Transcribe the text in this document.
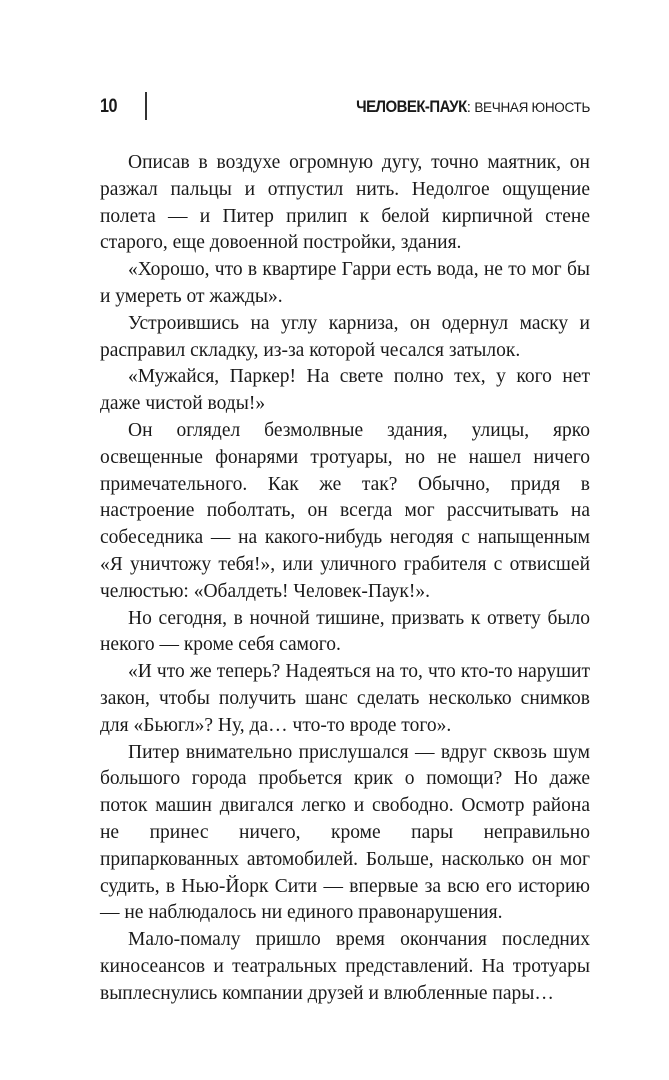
10	ЧЕЛОВЕК-ПАУК: ВЕЧНАЯ ЮНОСТЬ

Описав в воздухе огромную дугу, точно маятник, он разжал пальцы и отпустил нить. Недолгое ощущение полета — и Питер прилип к белой кирпичной стене старого, еще довоенной постройки, здания.

«Хорошо, что в квартире Гарри есть вода, не то мог бы и умереть от жажды».

Устроившись на углу карниза, он одернул маску и расправил складку, из-за которой чесался затылок.

«Мужайся, Паркер! На свете полно тех, у кого нет даже чистой воды!»

Он оглядел безмолвные здания, улицы, ярко освещенные фонарями тротуары, но не нашел ничего примечательного. Как же так? Обычно, придя в настроение поболтать, он всегда мог рассчитывать на собеседника — на какого-нибудь негодяя с напыщенным «Я уничтожу тебя!», или уличного грабителя с отвисшей челюстью: «Обалдеть! Человек-Паук!».

Но сегодня, в ночной тишине, призвать к ответу было некого — кроме себя самого.

«И что же теперь? Надеяться на то, что кто-то нарушит закон, чтобы получить шанс сделать несколько снимков для «Бьюгл»? Ну, да… что-то вроде того».

Питер внимательно прислушался — вдруг сквозь шум большого города пробьется крик о помощи? Но даже поток машин двигался легко и свободно. Осмотр района не принес ничего, кроме пары неправильно припаркованных автомобилей. Больше, насколько он мог судить, в Нью-Йорк Сити — впервые за всю его историю — не наблюдалось ни единого правонарушения.

Мало-помалу пришло время окончания последних киносеансов и театральных представлений. На тротуары выплеснулись компании друзей и влюбленные пары…
